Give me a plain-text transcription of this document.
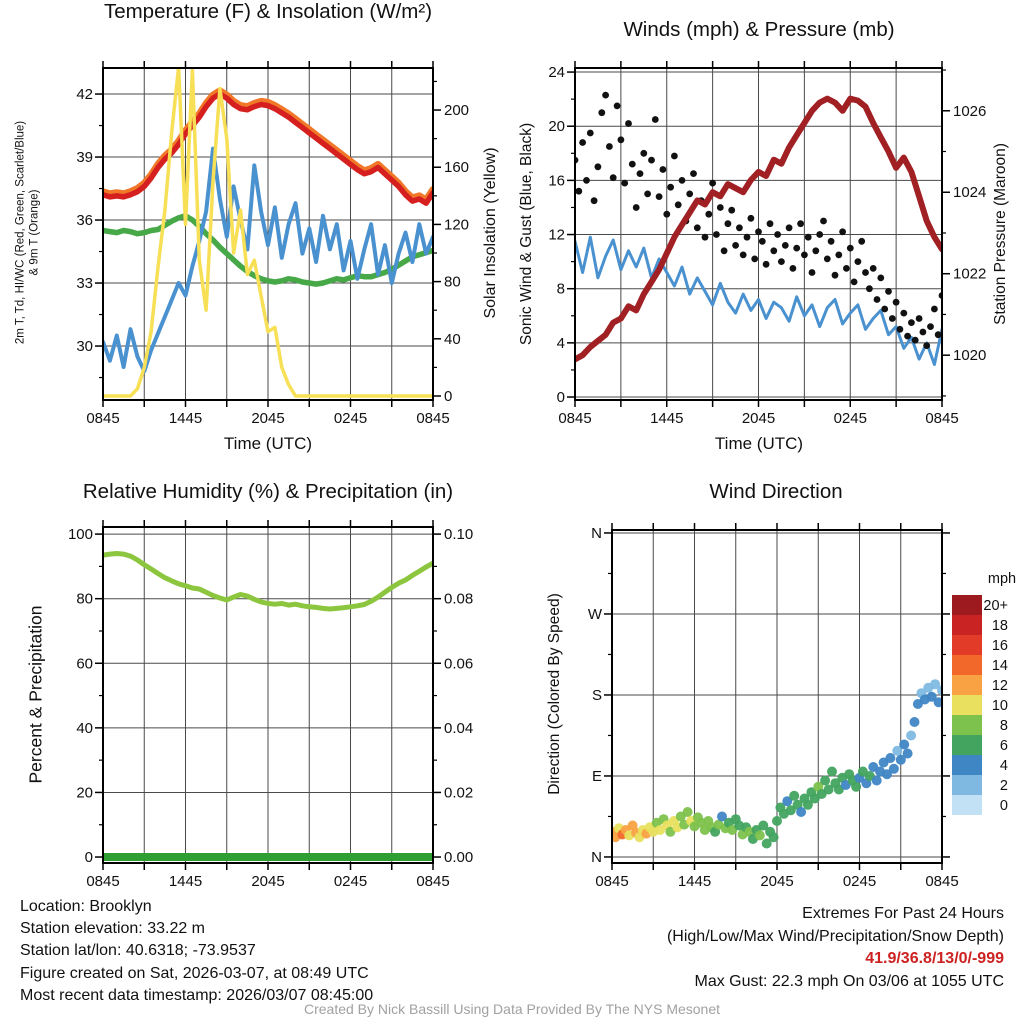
Temperature (F) & Insolation (W/m²)
Winds (mph) & Pressure (mb)
Relative Humidity (%) & Precipitation (in)	Wind Direction
2m T, Td, HI/WC (Red, Green, Scarlet/Blue) & 9m T (Orange)	Solar Insolation (Yellow) Sonic Wind & Gust (Blue, Black)	Station Pressure (Maroon)
Percent & Precipitation	Direction (Colored By Speed)
Time (UTC)	Time (UTC)
0845	1445	2045	0245	0845
30
33
36
39
42
0
40
80
120
160
200
0845	1445	2045	0245	0845
0
4
8
12
16
20
24
1020
1022
1024
1026
0845	1445	2045	0245	0845
0
20
40
60
80
100
0.00
0.02
0.04
0.06
0.08
0.10
0845	1445	2045	0245	0845
N
E
S
W
N
mph
20+
18
16
14
12
10
8
6
4
2
0
Location: Brooklyn
Station elevation: 33.22 m
Station lat/lon: 40.6318; -73.9537
Figure created on Sat, 2026-03-07, at 08:49 UTC
Most recent data timestamp: 2026/03/07 08:45:00
Extremes For Past 24 Hours
(High/Low/Max Wind/Precipitation/Snow Depth)
41.9/36.8/13/0/-999
Max Gust: 22.3 mph On 03/06 at 1055 UTC
Created By Nick Bassill Using Data Provided By The NYS Mesonet
